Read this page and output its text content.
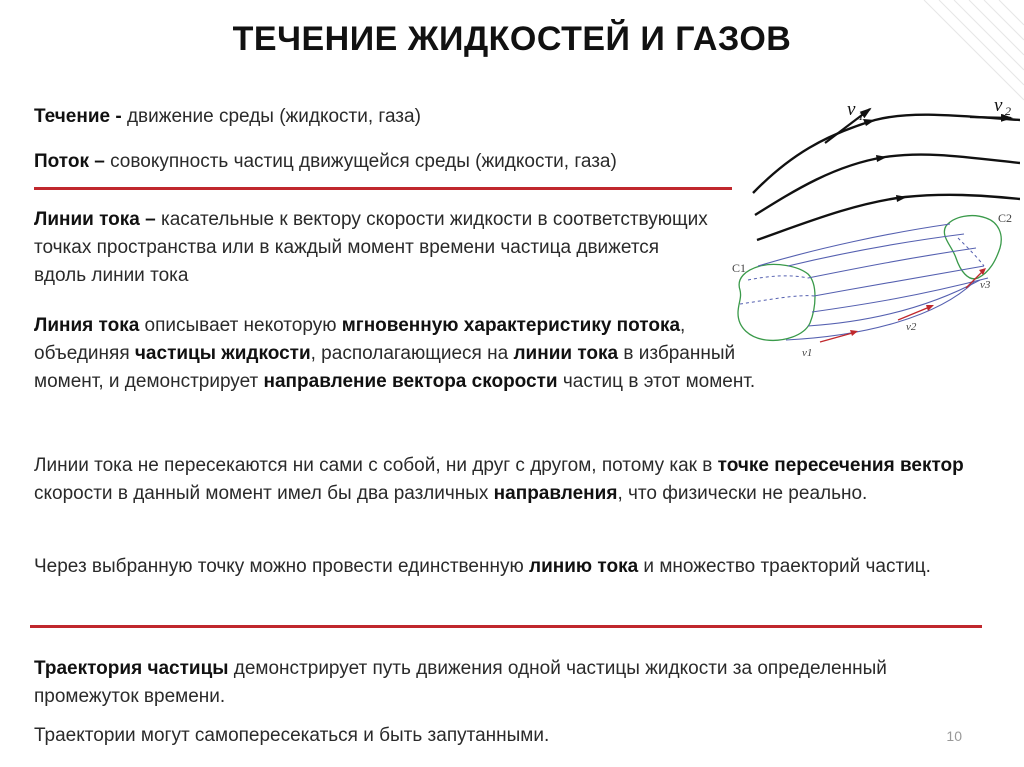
ТЕЧЕНИЕ ЖИДКОСТЕЙ И ГАЗОВ

Течение - движение среды (жидкости, газа)

Поток – совокупность частиц движущейся среды (жидкости, газа)

Линии тока – касательные к вектору скорости жидкости в соответствующих точках пространства или в каждый момент времени частица движется вдоль линии тока

Линия тока описывает некоторую мгновенную характеристику потока, объединяя частицы жидкости, располагающиеся на линии тока в избранный момент, и демонстрирует направление вектора скорости частиц в этот момент.

Линии тока не пересекаются ни сами с собой, ни друг с другом, потому как в точке пересечения вектор скорости в данный момент имел бы два различных направления, что физически не реально.

Через выбранную точку можно провести единственную линию тока и множество траекторий частиц.

Траектория частицы демонстрирует путь движения одной частицы жидкости за определенный промежуток времени.

Траектории могут самопересекаться и быть запутанными.	10
v 1	v 2
C1
C2
v1
v2
v3
